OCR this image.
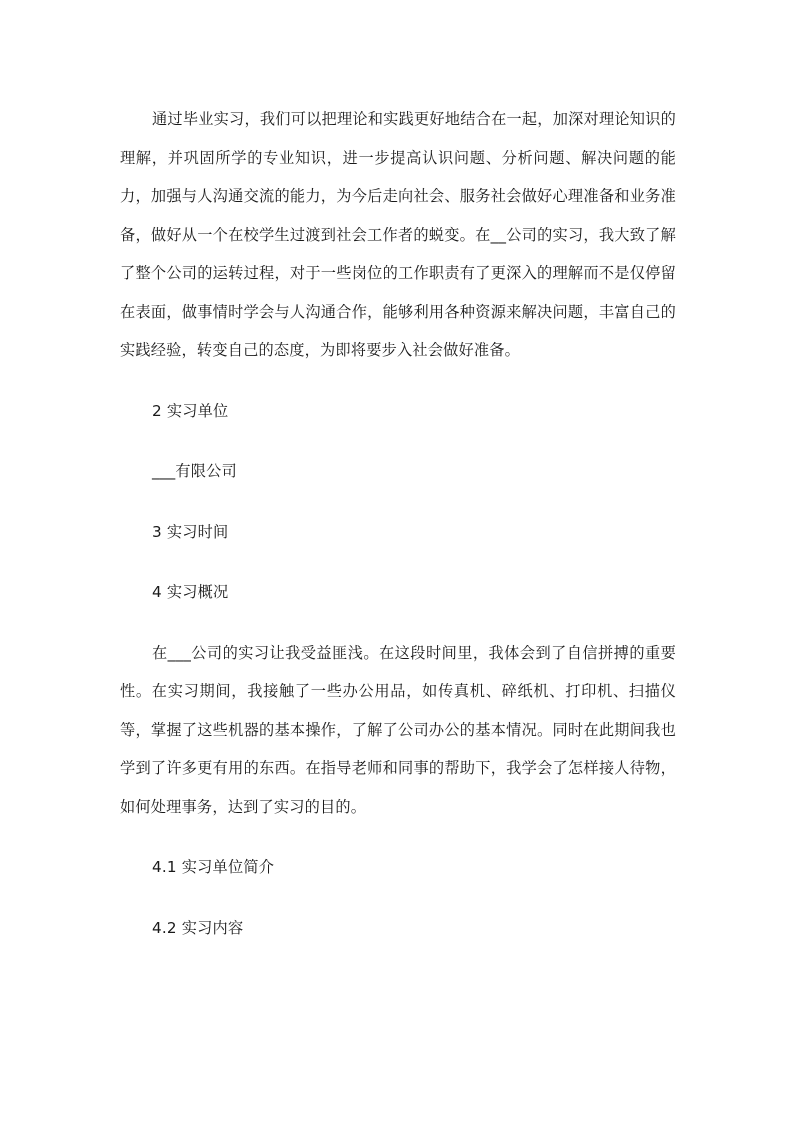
通过毕业实习，我们可以把理论和实践更好地结合在一起，加深对理论知识的理解，并巩固所学的专业知识，进一步提高认识问题、分析问题、解决问题的能力，加强与人沟通交流的能力，为今后走向社会、服务社会做好心理准备和业务准备，做好从一个在校学生过渡到社会工作者的蜕变。在__公司的实习，我大致了解了整个公司的运转过程，对于一些岗位的工作职责有了更深入的理解而不是仅停留在表面，做事情时学会与人沟通合作，能够利用各种资源来解决问题，丰富自己的实践经验，转变自己的态度，为即将要步入社会做好准备。

2 实习单位

___有限公司

3 实习时间

4 实习概况

在___公司的实习让我受益匪浅。在这段时间里，我体会到了自信拼搏的重要性。在实习期间，我接触了一些办公用品，如传真机、碎纸机、打印机、扫描仪等，掌握了这些机器的基本操作，了解了公司办公的基本情况。同时在此期间我也学到了许多更有用的东西。在指导老师和同事的帮助下，我学会了怎样接人待物，如何处理事务，达到了实习的目的。

4.1 实习单位简介

4.2 实习内容
